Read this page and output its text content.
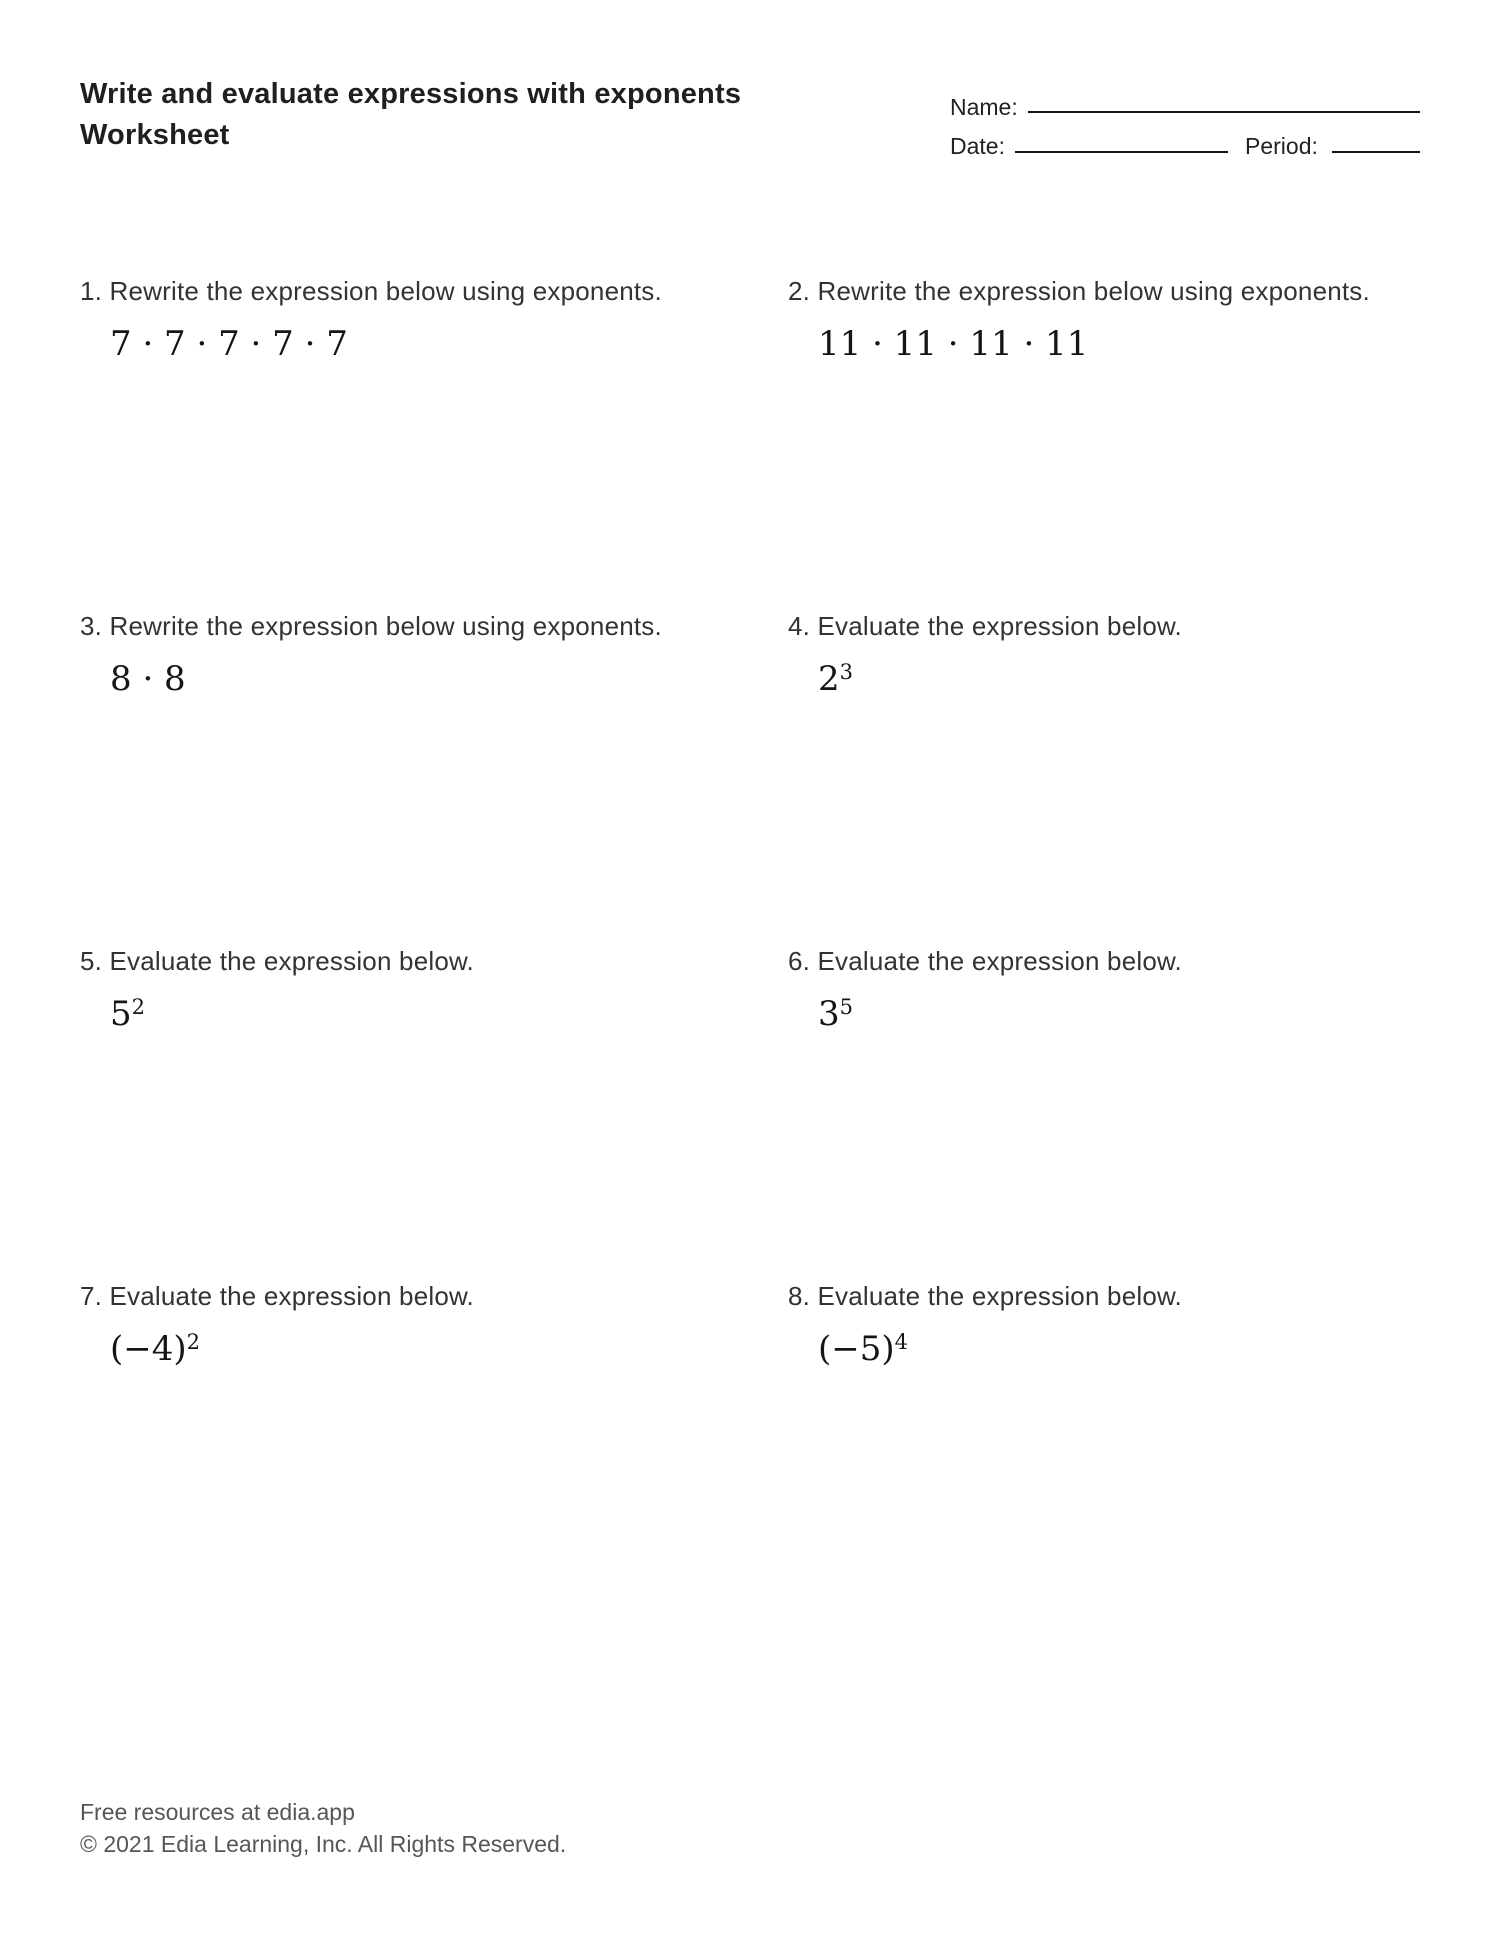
Write and evaluate expressions with exponents
Worksheet
Name:
Date:	Period:
1. Rewrite the expression below using exponents.
7 · 7 · 7 · 7 · 7
2. Rewrite the expression below using exponents.
11 · 11 · 11 · 11
3. Rewrite the expression below using exponents.
8 · 8
4. Evaluate the expression below.
$2^3$
5. Evaluate the expression below.
$5^2$
6. Evaluate the expression below.
$3^5$
7. Evaluate the expression below.
$(-4)^2$
8. Evaluate the expression below.
$(-5)^4$
Free resources at edia.app
© 2021 Edia Learning, Inc. All Rights Reserved.
